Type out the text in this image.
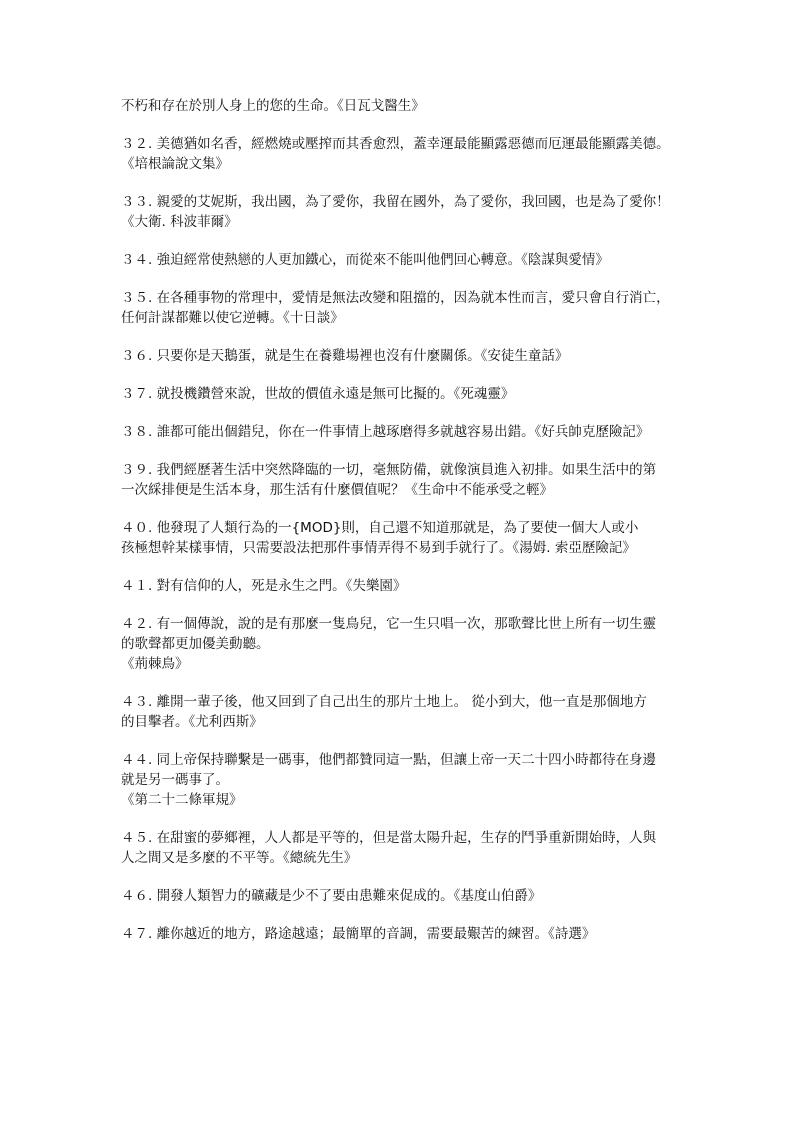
不朽和存在於別人身上的您的生命。《日瓦戈醫生》
３２. 美德猶如名香，經燃燒或壓搾而其香愈烈，蓋幸運最能顯露惡德而厄運最能顯露美德。
《培根論說文集》
３３. 親愛的艾妮斯，我出國，為了愛你，我留在國外，為了愛你，我回國，也是為了愛你！
《大衛. 科波菲爾》
３４. 強迫經常使熱戀的人更加鐵心，而從來不能叫他們回心轉意。《陰謀與愛情》
３５. 在各種事物的常理中，愛情是無法改變和阻擋的，因為就本性而言，愛只會自行消亡，
任何計謀都難以使它逆轉。《十日談》
３６. 只要你是天鵝蛋，就是生在養雞場裡也沒有什麼關係。《安徒生童話》
３７. 就投機鑽營來說，世故的價值永遠是無可比擬的。《死魂靈》
３８. 誰都可能出個錯兒，你在一件事情上越琢磨得多就越容易出錯。《好兵帥克歷險記》
３９. 我們經歷著生活中突然降臨的一切，毫無防備，就像演員進入初排。如果生活中的第
一次綵排便是生活本身，那生活有什麼價值呢？《生命中不能承受之輕》
４０. 他發現了人類行為的一{MOD}則，自己還不知道那就是，為了要使一個大人或小
孩極想幹某樣事情，只需要設法把那件事情弄得不易到手就行了。《湯姆. 索亞歷險記》
４１. 對有信仰的人，死是永生之門。《失樂園》
４２. 有一個傳說，說的是有那麼一隻鳥兒，它一生只唱一次，那歌聲比世上所有一切生靈
的歌聲都更加優美動聽。
《荊棘鳥》
４３. 離開一輩子後，他又回到了自己出生的那片土地上。 從小到大，他一直是那個地方
的目擊者。《尤利西斯》
４４. 同上帝保持聯繫是一碼事，他們都贊同這一點，但讓上帝一天二十四小時都待在身邊
就是另一碼事了。
《第二十二條軍規》
４５. 在甜蜜的夢鄉裡，人人都是平等的，但是當太陽升起，生存的鬥爭重新開始時，人與
人之間又是多麼的不平等。《總統先生》
４６. 開發人類智力的礦藏是少不了要由患難來促成的。《基度山伯爵》
４７. 離你越近的地方，路途越遠；最簡單的音調，需要最艱苦的練習。《詩選》
